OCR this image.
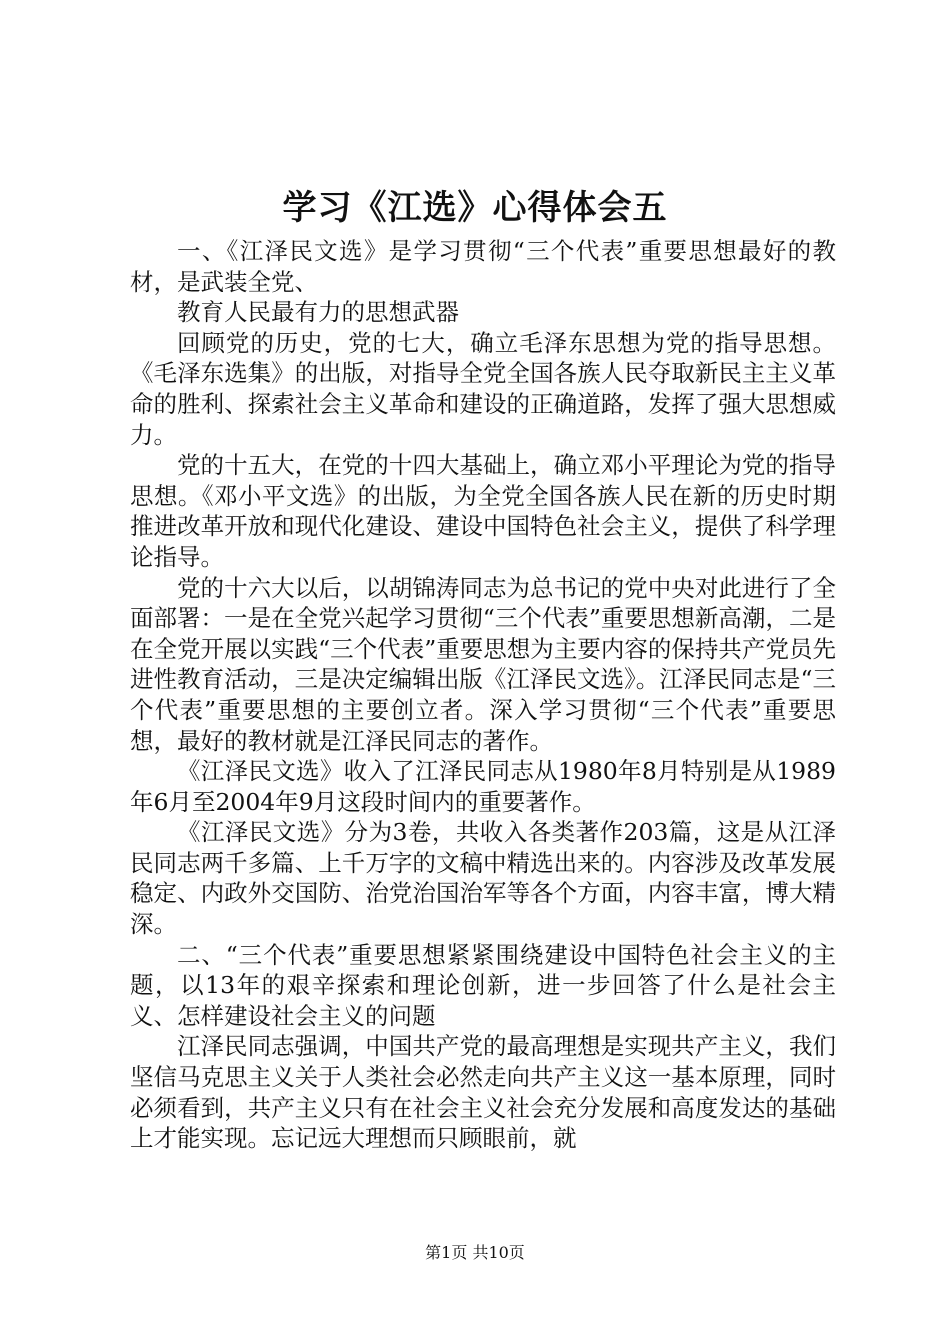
学习《江选》心得体会五

一、《江泽民文选》是学习贯彻“三个代表”重要思想最好的教材，是武装全党、

教育人民最有力的思想武器

回顾党的历史，党的七大，确立毛泽东思想为党的指导思想。《毛泽东选集》的出版，对指导全党全国各族人民夺取新民主主义革命的胜利、探索社会主义革命和建设的正确道路，发挥了强大思想威力。

党的十五大，在党的十四大基础上，确立邓小平理论为党的指导思想。《邓小平文选》的出版，为全党全国各族人民在新的历史时期推进改革开放和现代化建设、建设中国特色社会主义，提供了科学理论指导。

党的十六大以后，以胡锦涛同志为总书记的党中央对此进行了全面部署：一是在全党兴起学习贯彻“三个代表”重要思想新高潮，二是在全党开展以实践“三个代表”重要思想为主要内容的保持共产党员先进性教育活动，三是决定编辑出版《江泽民文选》。江泽民同志是“三个代表”重要思想的主要创立者。深入学习贯彻“三个代表”重要思想，最好的教材就是江泽民同志的著作。

《江泽民文选》收入了江泽民同志从1980年8月特别是从1989年6月至2004年9月这段时间内的重要著作。

《江泽民文选》分为3卷，共收入各类著作203篇，这是从江泽民同志两千多篇、上千万字的文稿中精选出来的。内容涉及改革发展稳定、内政外交国防、治党治国治军等各个方面，内容丰富，博大精深。

二、“三个代表”重要思想紧紧围绕建设中国特色社会主义的主题，以13年的艰辛探索和理论创新，进一步回答了什么是社会主义、怎样建设社会主义的问题

江泽民同志强调，中国共产党的最高理想是实现共产主义，我们坚信马克思主义关于人类社会必然走向共产主义这一基本原理，同时必须看到，共产主义只有在社会主义社会充分发展和高度发达的基础上才能实现。忘记远大理想而只顾眼前，就

第1页 共10页
